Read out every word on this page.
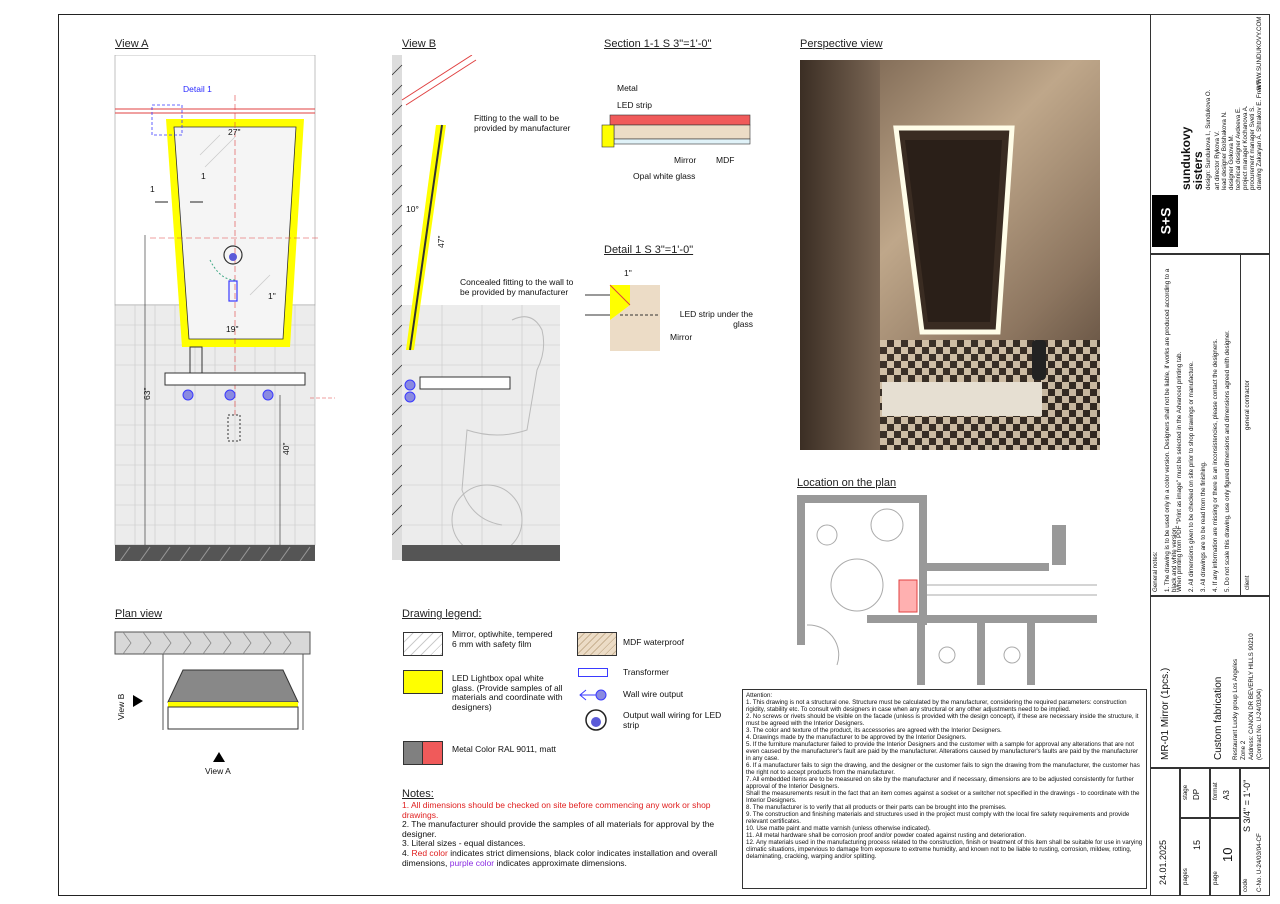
View A
Detail 1
27"
19"
1"
1
1
63"
40"
View B
Fitting to the wall to be provided by manufacturer
Concealed fitting to the wall to be provided by manufacturer
10°
47"
Section 1-1 S 3"=1'-0"
Metal
LED strip
Mirror MDF
Opal white glass
Detail 1 S 3"=1'-0"
1"
LED strip under the glass
Mirror
Perspective view
Location on the plan
Plan view
View B
View A
Drawing legend:
Mirror, optiwhite, tempered 6 mm with safety film
LED Lightbox opal white glass. (Provide samples of all materials and coordinate with designers)
Metal Color RAL 9011, matt
MDF waterproof
Transformer
Wall wire output
Output wall wiring for LED strip
Notes:

1. All dimensions should be checked on site before commencing any work or shop drawings.

2. The manufacturer should provide the samples of all materials for approval by the designer.

3. Literal sizes - equal distances.

4. Red color indicates strict dimensions, black color indicates installation and overall dimensions, purple color indicates approximate dimensions.

Attention:
1. This drawing is not a structural one. Structure must be calculated by the manufacturer, considering the required parameters: construction rigidity, stability etc. To consult with designers in case when any structural or any other adjustments need to be implied.
2. No screws or rivets should be visible on the facade (unless is provided with the design concept), if these are necessary inside the structure, it must be agreed with the Interior Designers.
3. The color and texture of the product, its accessories are agreed with the Interior Designers.
4. Drawings made by the manufacturer to be approved by the Interior Designers.
5. If the furniture manufacturer failed to provide the Interior Designers and the customer with a sample for approval any alterations that are not even caused by the manufacturer's fault are paid by the manufacturer. Alterations caused by manufacturer's faults are paid by the manufacturer in any case.
6. If a manufacturer fails to sign the drawing, and the designer or the customer fails to sign the drawing from the manufacturer, the customer has the right not to accept products from the manufacturer.
7. All embedded items are to be measured on site by the manufacturer and if necessary, dimensions are to be adjusted consistently for further approval of the Interior Designers.
Shall the measurements result in the fact that an item comes against a socket or a switcher not specified in the drawings - to coordinate with the Interior Designers.
8. The manufacturer is to verify that all products or their parts can be brought into the premises.
9. The construction and finishing materials and structures used in the project must comply with the local fire safety requirements and provide relevant certificates.
10. Use matte paint and matte varnish (unless otherwise indicated).
11. All metal hardware shall be corrosion proof and/or powder coated against rusting and deterioration.
12. Any materials used in the manufacturing process related to the construction, finish or treatment of this item shall be suitable for use in varying climatic situations, impervious to damage from exposure to extreme humidity, and known not to be liable to rusting, corrosion, mildew, rotting, delaminating, cracking, warping and/or splitting.
S+S
sundukovy
sisters
WWW.SUNDUKOVY.COM
design: Sundukova I., Sundukova O. art director Rykova V. lead designer Bolshakova N. designer Gokova M. technical designer Avdeeva E. project manager Kochanova A. procurement manager Sveti S. drawing Zakaryan A. Shtrakov E. Freir F.
General notes: 1. The drawing is to be used only in a color version. Designers shall not be liable, if works are produced according to a black and white version.
When printing from PDF "Print as image" must be selected in the Advanced printing tab. 2. All dimensions given to be checked on site prior to shop drawings or manufacture. 3. All drawings are to be read from the finishing. 4. If any information are missing or there is an inconsistencies, please contact the designers. 5. Do not scale this drawing, use only figured dimensions and dimensions agreed with designer. general contractor
client
MR-01 Mirror (1pcs.)	Custom fabrication Restaurant Lucky group Los Angeles Zone 2 Address: CANON DR BEVERLY HILLS 90210 (Contract No. U-24/03/04)
24.01.2025
stage DP
pages
15
format A3
page
10
S 3/4" = 1'-0"
code C-No. U-24/03/04-CF
